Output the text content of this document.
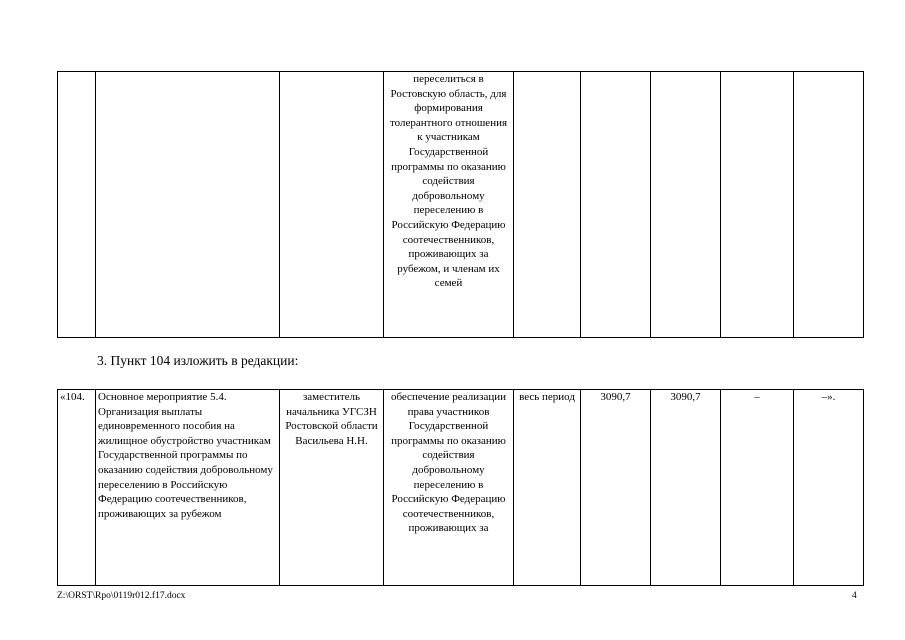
			переселиться в Ростовскую область, для формирования толерантного отношения к участникам Государственной программы по оказанию содействия добровольному переселению в Российскую Федерацию соотечественников, проживающих за рубежом, и членам их семей					
3. Пункт 104 изложить в редакции:
«104.	Основное мероприятие 5.4. Организация выплаты единовременного пособия на жилищное обустройство участникам Государственной программы по оказанию содействия добровольному переселению в Российскую Федерацию соотечественников, проживающих за рубежом	заместитель начальника УГСЗН Ростовской области Васильева Н.Н.	обеспечение реализации права участников Государственной программы по оказанию содействия добровольному переселению в Российскую Федерацию соотечественников, проживающих за	весь период	3090,7	3090,7	–	–».
Z:\ORST\Rpo\0119r012.f17.docx	4
